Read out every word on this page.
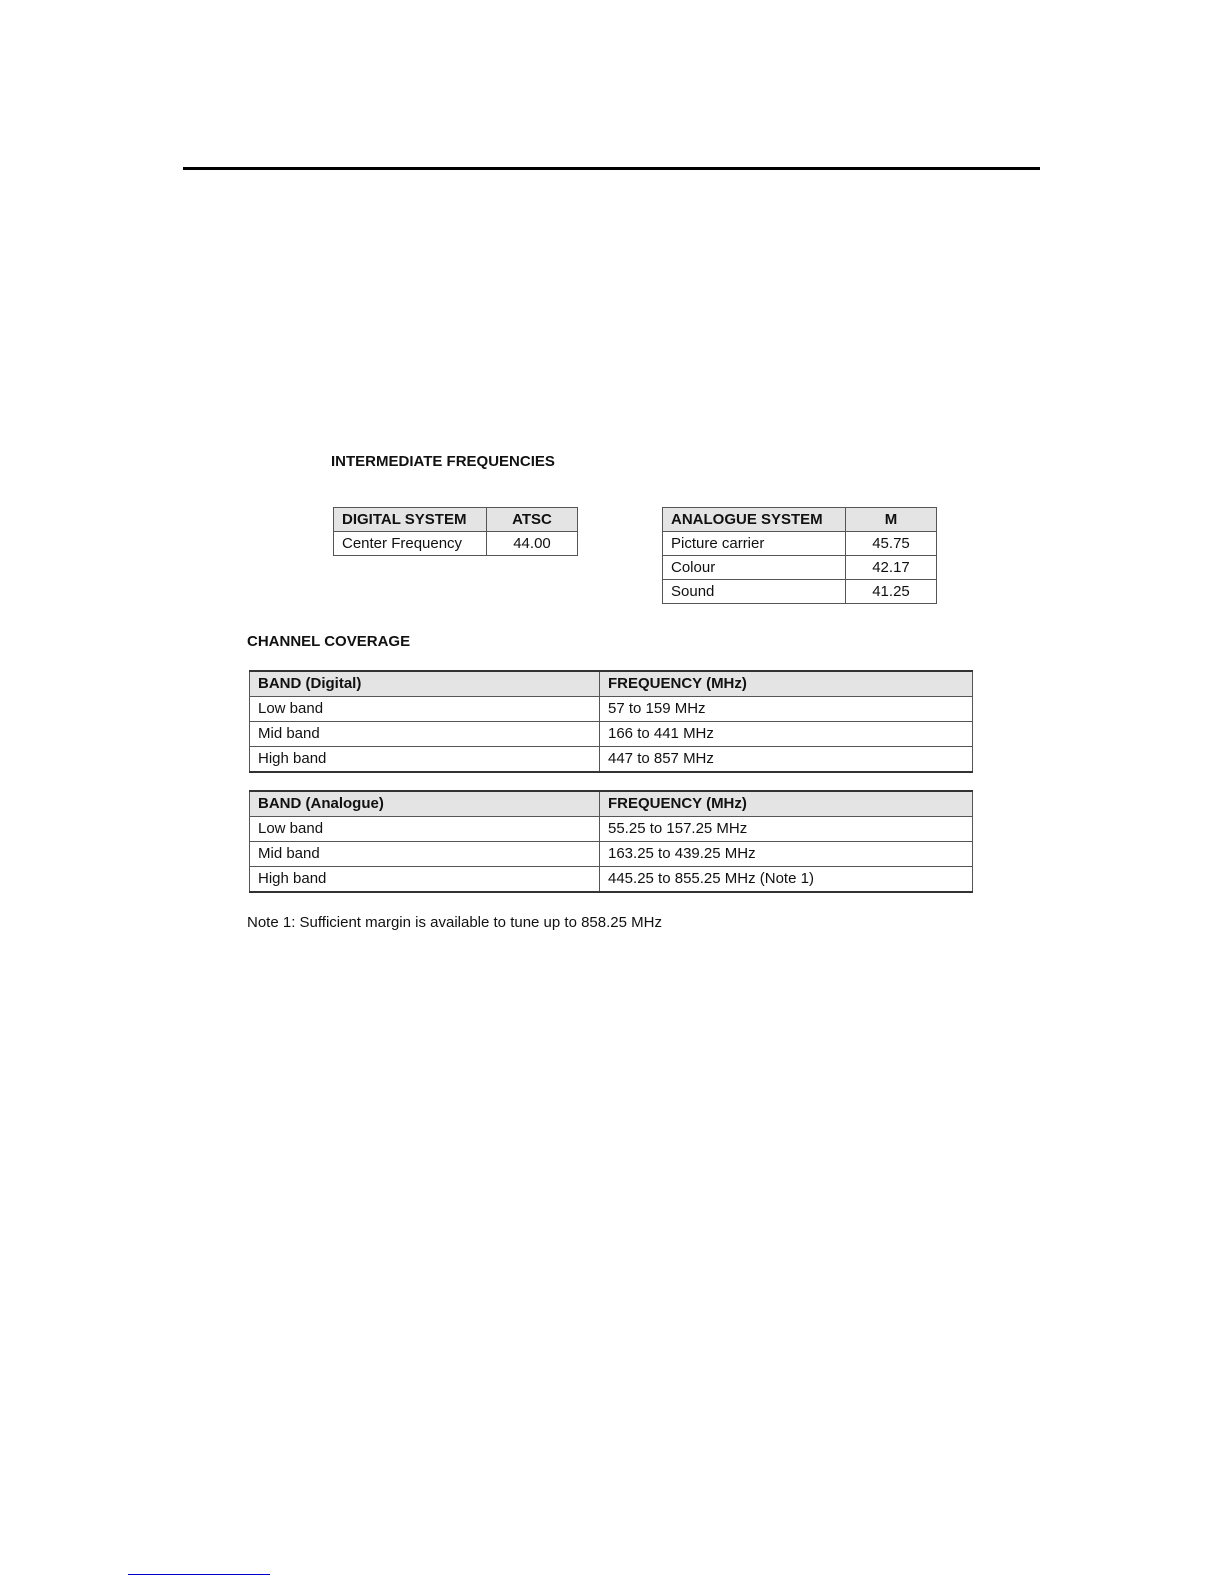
INTERMEDIATE FREQUENCIES
DIGITAL SYSTEM	ATSC
Center Frequency	44.00
ANALOGUE SYSTEM	M
Picture carrier	45.75
Colour	42.17
Sound	41.25
CHANNEL COVERAGE
BAND (Digital)	FREQUENCY (MHz)
Low band	57 to 159 MHz
Mid band	166 to 441 MHz
High band	447 to 857 MHz
BAND (Analogue)	FREQUENCY (MHz)
Low band	55.25 to 157.25 MHz
Mid band	163.25 to 439.25 MHz
High band	445.25 to 855.25 MHz (Note 1)

Note 1: Sufficient margin is available to tune up to 858.25 MHz
